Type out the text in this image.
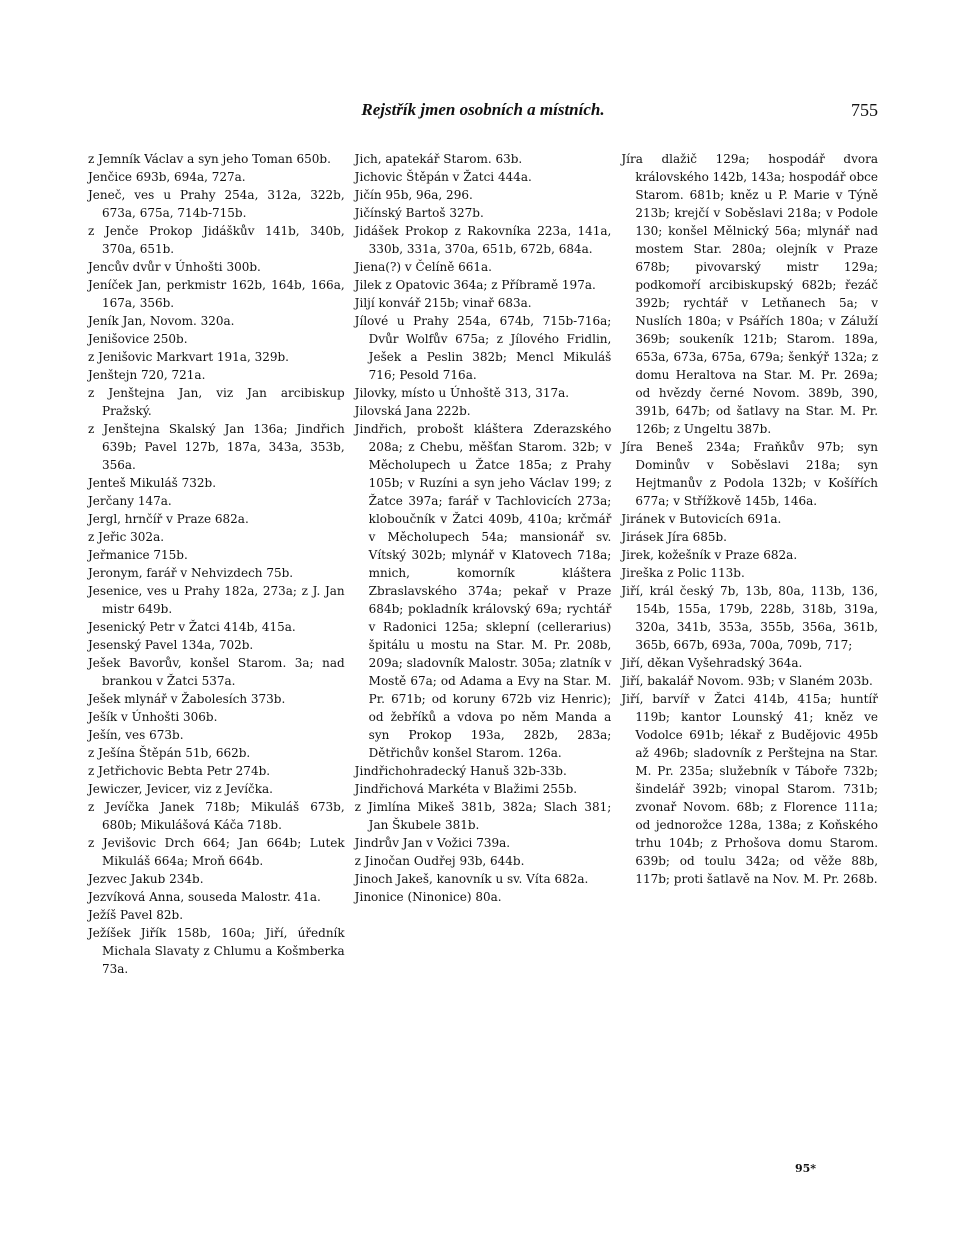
Rejstřík jmen osobních a místních.	755

z Jemník Václav a syn jeho Toman 650b.

Jenčice 693b, 694a, 727a.

Jeneč, ves u Prahy 254a, 312a, 322b, 673a, 675a, 714b-715b.

z Jenče Prokop Jidáškův 141b, 340b, 370a, 651b.

Jencův dvůr v Únhošti 300b.

Jeníček Jan, perkmistr 162b, 164b, 166a, 167a, 356b.

Jeník Jan, Novom. 320a.

Jenišovice 250b.

z Jenišovic Markvart 191a, 329b.

Jenštejn 720, 721a.

z Jenštejna Jan, viz Jan arcibiskup Pražský.

z Jenštejna Skalský Jan 136a; Jindřich 639b; Pavel 127b, 187a, 343a, 353b, 356a.

Jenteš Mikuláš 732b.

Jerčany 147a.

Jergl, hrnčíř v Praze 682a.

z Jeřic 302a.

Jeřmanice 715b.

Jeronym, farář v Nehvizdech 75b.

Jesenice, ves u Prahy 182a, 273a; z J. Jan mistr 649b.

Jesenický Petr v Žatci 414b, 415a.

Jesenský Pavel 134a, 702b.

Ješek Bavorův, konšel Starom. 3a; nad brankou v Žatci 537a.

Ješek mlynář v Žabolesích 373b.

Ješík v Únhošti 306b.

Ješín, ves 673b.

z Ješína Štěpán 51b, 662b.

z Jetřichovic Bebta Petr 274b.

Jewiczer, Jevicer, viz z Jevíčka.

z Jevíčka Janek 718b; Mikuláš 673b, 680b; Mikulášová Káča 718b.

z Jevišovic Drch 664; Jan 664b; Lutek Mikuláš 664a; Mroň 664b.

Jezvec Jakub 234b.

Jezvíková Anna, souseda Malostr. 41a.

Ježíš Pavel 82b.

Ježíšek Jiřík 158b, 160a; Jiří, úředník Michala Slavaty z Chlumu a Košmberka 73a.

Jich, apatekář Starom. 63b.

Jichovic Štěpán v Žatci 444a.

Jičín 95b, 96a, 296.

Jičínský Bartoš 327b.

Jidášek Prokop z Rakovníka 223a, 141a, 330b, 331a, 370a, 651b, 672b, 684a.

Jiena(?) v Čelíně 661a.

Jilek z Opatovic 364a; z Příbramě 197a.

Jiljí konvář 215b; vinař 683a.

Jílové u Prahy 254a, 674b, 715b-716a; Dvůr Wolfův 675a; z Jílového Fridlin, Ješek a Peslin 382b; Mencl Mikuláš 716; Pesold 716a.

Jilovky, místo u Únhoště 313, 317a.

Jilovská Jana 222b.

Jindřich, probošt kláštera Zderazského 208a; z Chebu, měšťan Starom. 32b; v Měcholupech u Žatce 185a; z Prahy 105b; v Ruzíni a syn jeho Václav 199; z Žatce 397a; farář v Tachlovicích 273a; kloboučník v Žatci 409b, 410a; krčmář v Měcholupech 54a; mansionář sv. Vítský 302b; mlynář v Klatovech 718a; mnich, komorník kláštera Zbraslavského 374a; pekař v Praze 684b; pokladník královský 69a; rychtář v Radonici 125a; sklepní (cellerarius) špitálu u mostu na Star. M. Pr. 208b, 209a; sladovník Malostr. 305a; zlatník v Mostě 67a; od Adama a Evy na Star. M. Pr. 671b; od koruny 672b viz Henric); od žebříků a vdova po něm Manda a syn Prokop 193a, 282b, 283a; Dětřichův konšel Starom. 126a.

Jindřichohradecký Hanuš 32b-33b.

Jindřichová Markéta v Blažimi 255b.

z Jimlína Mikeš 381b, 382a; Slach 381; Jan Škubele 381b.

Jindrův Jan v Vožici 739a.

z Jinočan Oudřej 93b, 644b.

Jinoch Jakeš, kanovník u sv. Víta 682a.

Jinonice (Ninonice) 80a.

Jíra dlažič 129a; hospodář dvora královského 142b, 143a; hospodář obce Starom. 681b; kněz u P. Marie v Týně 213b; krejčí v Soběslavi 218a; v Podole 130; konšel Mělnický 56a; mlynář nad mostem Star. 280a; olejník v Praze 678b; pivovarský mistr 129a; podkomoří arcibiskupský 682b; řezáč 392b; rychtář v Letňanech 5a; v Nuslích 180a; v Psářích 180a; v Záluží 369b; soukeník 121b; Starom. 189a, 653a, 673a, 675a, 679a; šenkýř 132a; z domu Heraltova na Star. M. Pr. 269a; od hvězdy černé Novom. 389b, 390, 391b, 647b; od šatlavy na Star. M. Pr. 126b; z Ungeltu 387b.

Jíra Beneš 234a; Fraňkův 97b; syn Dominův v Soběslavi 218a; syn Hejtmanův z Podola 132b; v Košířích 677a; v Střížkově 145b, 146a.

Jiránek v Butovicích 691a.

Jirásek Jíra 685b.

Jirek, kožešník v Praze 682a.

Jireška z Polic 113b.

Jiří, král český 7b, 13b, 80a, 113b, 136, 154b, 155a, 179b, 228b, 318b, 319a, 320a, 341b, 353a, 355b, 356a, 361b, 365b, 667b, 693a, 700a, 709b, 717;

Jiří, děkan Vyšehradský 364a.

Jiří, bakalář Novom. 93b; v Slaném 203b.

Jiří, barvíř v Žatci 414b, 415a; huntíř 119b; kantor Lounský 41; kněz ve Vodolce 691b; lékař z Budějovic 495b až 496b; sladovník z Perštejna na Star. M. Pr. 235a; služebník v Táboře 732b; šindelář 392b; vinopal Starom. 731b; zvonař Novom. 68b; z Florence 111a; od jednorožce 128a, 138a; z Koňského trhu 104b; z Prhošova domu Starom. 639b; od toulu 342a; od věže 88b, 117b; proti šatlavě na Nov. M. Pr. 268b.

95*
